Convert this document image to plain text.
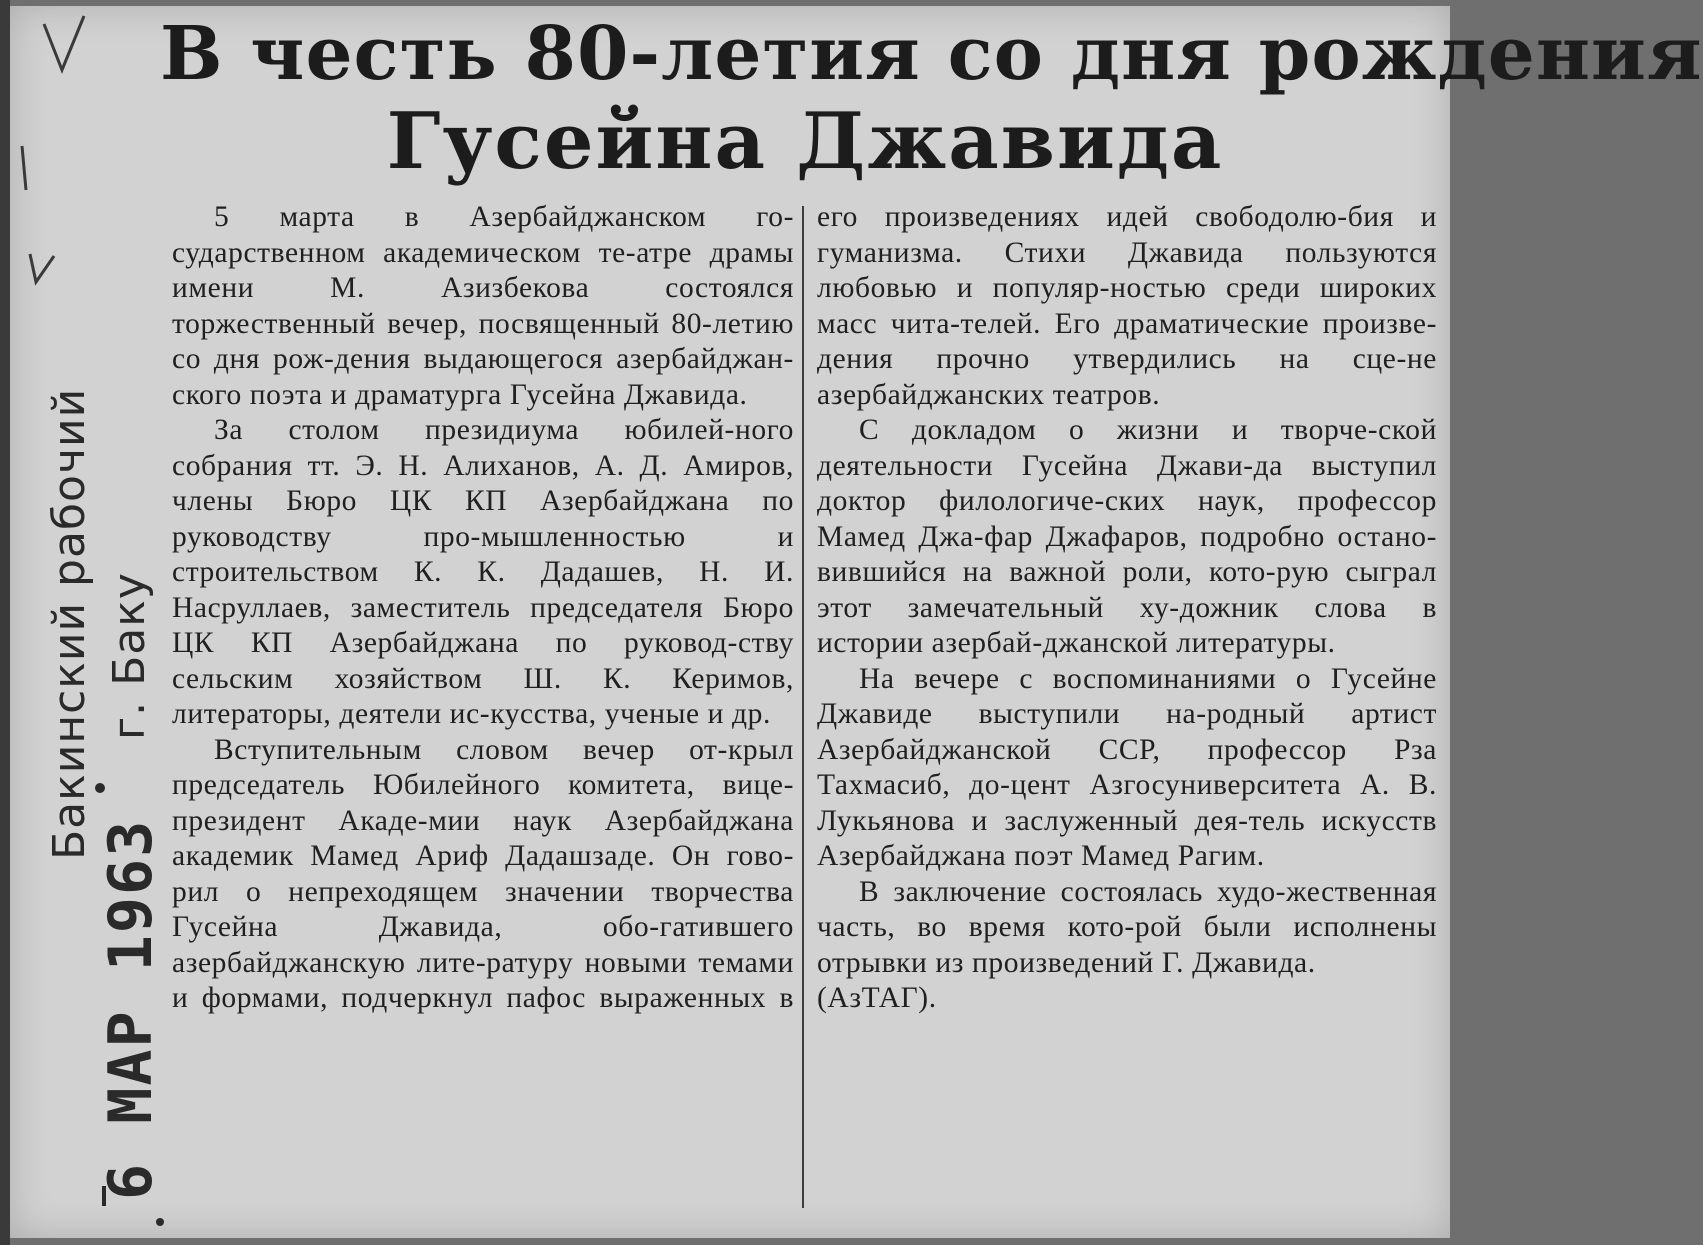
Бакинский рабочий г. Баку
6 МАР 1963
В честь 80-летия со дня рождения
Гусейна Джавида

5 марта в Азербайджанском го-сударственном академическом те-атре драмы имени М. Азизбекова состоялся торжественный вечер, посвященный 80-летию со дня рож-дения выдающегося азербайджан-ского поэта и драматурга Гусейна Джавида.

За столом президиума юбилей-ного собрания тт. Э. Н. Алиханов, А. Д. Амиров, члены Бюро ЦК КП Азербайджана по руководству про-мышленностью и строительством К. К. Дадашев, Н. И. Насруллаев, заместитель председателя Бюро ЦК КП Азербайджана по руковод-ству сельским хозяйством Ш. К. Керимов, литераторы, деятели ис-кусства, ученые и др.

Вступительным словом вечер от-крыл председатель Юбилейного комитета, вице-президент Акаде-мии наук Азербайджана академик Мамед Ариф Дадашзаде. Он гово-рил о непреходящем значении творчества Гусейна Джавида, обо-гатившего азербайджанскую лите-ратуру новыми темами и формами, подчеркнул пафос выраженных в

его произведениях идей свободолю-бия и гуманизма. Стихи Джавида пользуются любовью и популяр-ностью среди широких масс чита-телей. Его драматические произве-дения прочно утвердились на сце-не азербайджанских театров.

С докладом о жизни и творче-ской деятельности Гусейна Джави-да выступил доктор филологиче-ских наук, профессор Мамед Джа-фар Джафаров, подробно остано-вившийся на важной роли, кото-рую сыграл этот замечательный ху-дожник слова в истории азербай-джанской литературы.

На вечере с воспоминаниями о Гусейне Джавиде выступили на-родный артист Азербайджанской ССР, профессор Рза Тахмасиб, до-цент Азгосуниверситета А. В. Лукьянова и заслуженный дея-тель искусств Азербайджана поэт Мамед Рагим.

В заключение состоялась худо-жественная часть, во время кото-рой были исполнены отрывки из произведений Г. Джавида.

(АзТАГ).
